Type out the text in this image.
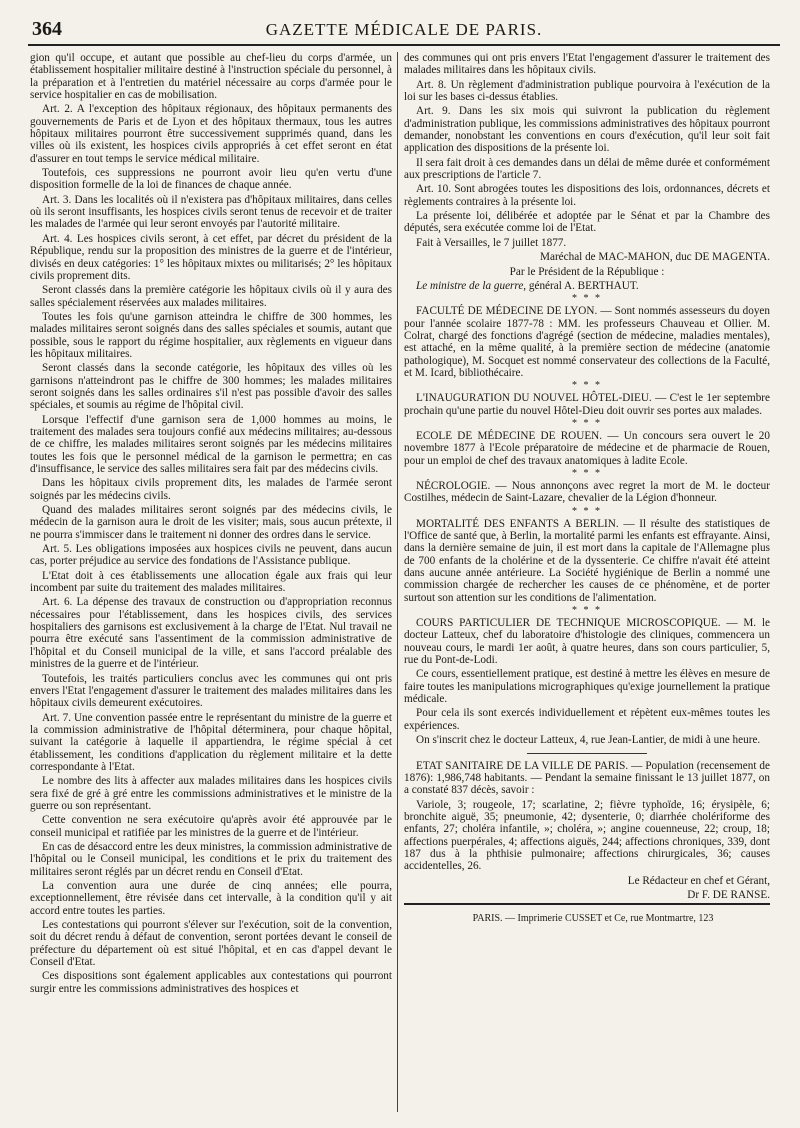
364	GAZETTE MÉDICALE DE PARIS.

gion qu'il occupe, et autant que possible au chef-lieu du corps d'armée, un établissement hospitalier militaire destiné à l'instruction spéciale du personnel, à la préparation et à l'entretien du matériel nécessaire au corps d'armée pour le service hospitalier en cas de mobilisation.

Art. 2. A l'exception des hôpitaux régionaux, des hôpitaux permanents des gouvernements de Paris et de Lyon et des hôpitaux thermaux, tous les autres hôpitaux militaires pourront être successivement supprimés quand, dans les villes où ils existent, les hospices civils appropriés à cet effet seront en état d'assurer en tout temps le service médical militaire.

Toutefois, ces suppressions ne pourront avoir lieu qu'en vertu d'une disposition formelle de la loi de finances de chaque année.

Art. 3. Dans les localités où il n'existera pas d'hôpitaux militaires, dans celles où ils seront insuffisants, les hospices civils seront tenus de recevoir et de traiter les malades de l'armée qui leur seront envoyés par l'autorité militaire.

Art. 4. Les hospices civils seront, à cet effet, par décret du président de la République, rendu sur la proposition des ministres de la guerre et de l'intérieur, divisés en deux catégories: 1° les hôpitaux mixtes ou militarisés; 2° les hôpitaux civils proprement dits.

Seront classés dans la première catégorie les hôpitaux civils où il y aura des salles spécialement réservées aux malades militaires.

Toutes les fois qu'une garnison atteindra le chiffre de 300 hommes, les malades militaires seront soignés dans des salles spéciales et soumis, autant que possible, sous le rapport du régime hospitalier, aux règlements en vigueur dans les hôpitaux militaires.

Seront classés dans la seconde catégorie, les hôpitaux des villes où les garnisons n'atteindront pas le chiffre de 300 hommes; les malades militaires seront soignés dans les salles ordinaires s'il n'est pas possible d'avoir des salles spéciales, et soumis au régime de l'hôpital civil.

Lorsque l'effectif d'une garnison sera de 1,000 hommes au moins, le traitement des malades sera toujours confié aux médecins militaires; au-dessous de ce chiffre, les malades militaires seront soignés par les médecins militaires toutes les fois que le personnel médical de la garnison le permettra; en cas d'insuffisance, le service des salles militaires sera fait par des médecins civils.

Dans les hôpitaux civils proprement dits, les malades de l'armée seront soignés par les médecins civils.

Quand des malades militaires seront soignés par des médecins civils, le médecin de la garnison aura le droit de les visiter; mais, sous aucun prétexte, il ne pourra s'immiscer dans le traitement ni donner des ordres dans le service.

Art. 5. Les obligations imposées aux hospices civils ne peuvent, dans aucun cas, porter préjudice au service des fondations de l'Assistance publique.

L'Etat doit à ces établissements une allocation égale aux frais qui leur incombent par suite du traitement des malades militaires.

Art. 6. La dépense des travaux de construction ou d'appropriation reconnus nécessaires pour l'établissement, dans les hospices civils, des services hospitaliers des garnisons est exclusivement à la charge de l'Etat. Nul travail ne pourra être exécuté sans l'assentiment de la commission administrative de l'hôpital et du Conseil municipal de la ville, et sans l'accord préalable des ministres de la guerre et de l'intérieur.

Toutefois, les traités particuliers conclus avec les communes qui ont pris envers l'Etat l'engagement d'assurer le traitement des malades militaires dans les hôpitaux civils demeurent exécutoires.

Art. 7. Une convention passée entre le représentant du ministre de la guerre et la commission administrative de l'hôpital déterminera, pour chaque hôpital, suivant la catégorie à laquelle il appartiendra, le régime spécial à cet établissement, les conditions d'application du règlement militaire et la dette correspondante à l'Etat.

Le nombre des lits à affecter aux malades militaires dans les hospices civils sera fixé de gré à gré entre les commissions administratives et le ministre de la guerre ou son représentant.

Cette convention ne sera exécutoire qu'après avoir été approuvée par le conseil municipal et ratifiée par les ministres de la guerre et de l'intérieur.

En cas de désaccord entre les deux ministres, la commission administrative de l'hôpital ou le Conseil municipal, les conditions et le prix du traitement des militaires seront réglés par un décret rendu en Conseil d'Etat.

La convention aura une durée de cinq années; elle pourra, exceptionnellement, être révisée dans cet intervalle, à la condition qu'il y ait accord entre toutes les parties.

Les contestations qui pourront s'élever sur l'exécution, soit de la convention, soit du décret rendu à défaut de convention, seront portées devant le conseil de préfecture du département où est situé l'hôpital, et en cas d'appel devant le Conseil d'Etat.

Ces dispositions sont également applicables aux contestations qui pourront surgir entre les commissions administratives des hospices et

des communes qui ont pris envers l'Etat l'engagement d'assurer le traitement des malades militaires dans les hôpitaux civils.

Art. 8. Un règlement d'administration publique pourvoira à l'exécution de la loi sur les bases ci-dessus établies.

Art. 9. Dans les six mois qui suivront la publication du règlement d'administration publique, les commissions administratives des hôpitaux pourront demander, nonobstant les conventions en cours d'exécution, qu'il leur soit fait application des dispositions de la présente loi.

Il sera fait droit à ces demandes dans un délai de même durée et conformément aux prescriptions de l'article 7.

Art. 10. Sont abrogées toutes les dispositions des lois, ordonnances, décrets et règlements contraires à la présente loi.

La présente loi, délibérée et adoptée par le Sénat et par la Chambre des députés, sera exécutée comme loi de l'Etat.

Fait à Versailles, le 7 juillet 1877.

Maréchal de MAC-MAHON, duc DE MAGENTA.

Par le Président de la République :

Le ministre de la guerre, général A. BERTHAUT.

* * *

FACULTÉ DE MÉDECINE DE LYON. — Sont nommés assesseurs du doyen pour l'année scolaire 1877-78 : MM. les professeurs Chauveau et Ollier. M. Colrat, chargé des fonctions d'agrégé (section de médecine, maladies mentales), est attaché, en la même qualité, à la première section de médecine (anatomie pathologique), M. Socquet est nommé conservateur des collections de la Faculté, et M. Icard, bibliothécaire.

* * *

L'INAUGURATION DU NOUVEL HÔTEL-DIEU. — C'est le 1er septembre prochain qu'une partie du nouvel Hôtel-Dieu doit ouvrir ses portes aux malades.

* * *

ECOLE DE MÉDECINE DE ROUEN. — Un concours sera ouvert le 20 novembre 1877 à l'Ecole préparatoire de médecine et de pharmacie de Rouen, pour un emploi de chef des travaux anatomiques à ladite Ecole.

* * *

NÉCROLOGIE. — Nous annonçons avec regret la mort de M. le docteur Costilhes, médecin de Saint-Lazare, chevalier de la Légion d'honneur.

* * *

MORTALITÉ DES ENFANTS A BERLIN. — Il résulte des statistiques de l'Office de santé que, à Berlin, la mortalité parmi les enfants est effrayante. Ainsi, dans la dernière semaine de juin, il est mort dans la capitale de l'Allemagne plus de 700 enfants de la cholérine et de la dyssenterie. Ce chiffre n'avait été atteint dans aucune année antérieure. La Société hygiénique de Berlin a nommé une commission chargée de rechercher les causes de ce phénomène, et de porter surtout son attention sur les conditions de l'alimentation.

* * *

COURS PARTICULIER DE TECHNIQUE MICROSCOPIQUE. — M. le docteur Latteux, chef du laboratoire d'histologie des cliniques, commencera un nouveau cours, le mardi 1er août, à quatre heures, dans son cours particulier, 5, rue du Pont-de-Lodi.

Ce cours, essentiellement pratique, est destiné à mettre les élèves en mesure de faire toutes les manipulations micrographiques qu'exige journellement la pratique médicale.

Pour cela ils sont exercés individuellement et répètent eux-mêmes toutes les expériences.

On s'inscrit chez le docteur Latteux, 4, rue Jean-Lantier, de midi à une heure.

ETAT SANITAIRE DE LA VILLE DE PARIS. — Population (recensement de 1876): 1,986,748 habitants. — Pendant la semaine finissant le 13 juillet 1877, on a constaté 837 décès, savoir :

Variole, 3; rougeole, 17; scarlatine, 2; fièvre typhoïde, 16; érysipèle, 6; bronchite aiguë, 35; pneumonie, 42; dysenterie, 0; diarrhée cholériforme des enfants, 27; choléra infantile, »; choléra, »; angine couenneuse, 22; croup, 18; affections puerpérales, 4; affections aiguës, 244; affections chroniques, 339, dont 187 dus à la phthisie pulmonaire; affections chirurgicales, 36; causes accidentelles, 26.

Le Rédacteur en chef et Gérant,

Dr F. DE RANSE.

PARIS. — Imprimerie CUSSET et Ce, rue Montmartre, 123
